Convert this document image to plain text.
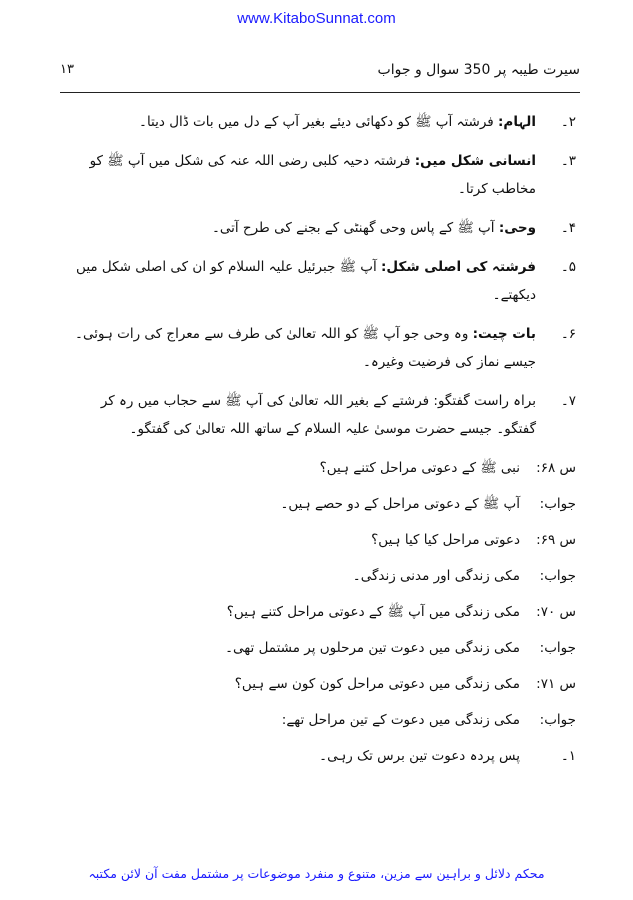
www.KitaboSunnat.com
سیرت طیبہ پر 350 سوال و جواب
۱۳
۲۔
الہام: فرشتہ آپ ﷺ کو دکھائی دیئے بغیر آپ کے دل میں بات ڈال دیتا۔
۳۔
انسانی شکل میں: فرشتہ دحیہ کلبی رضی اللہ عنہ کی شکل میں آپ ﷺ کو مخاطب کرتا۔
۴۔
وحی: آپ ﷺ کے پاس وحی گھنٹی کے بجنے کی طرح آتی۔
۵۔
فرشتہ کی اصلی شکل: آپ ﷺ جبرئیل علیہ السلام کو ان کی اصلی شکل میں دیکھتے۔
۶۔
بات چیت: وہ وحی جو آپ ﷺ کو اللہ تعالیٰ کی طرف سے معراج کی رات ہوئی۔ جیسے نماز کی فرضیت وغیرہ۔
۷۔
براہ راست گفتگو: فرشتے کے بغیر اللہ تعالیٰ کی آپ ﷺ سے حجاب میں رہ کر گفتگو۔ جیسے حضرت موسیٰ علیہ السلام کے ساتھ اللہ تعالیٰ کی گفتگو۔
س ۶۸:
نبی ﷺ کے دعوتی مراحل کتنے ہیں؟
جواب:
آپ ﷺ کے دعوتی مراحل کے دو حصے ہیں۔
س ۶۹:
دعوتی مراحل کیا کیا ہیں؟
جواب:
مکی زندگی اور مدنی زندگی۔
س ۷۰:
مکی زندگی میں آپ ﷺ کے دعوتی مراحل کتنے ہیں؟
جواب:
مکی زندگی میں دعوت تین مرحلوں پر مشتمل تھی۔
س ۷۱:
مکی زندگی میں دعوتی مراحل کون کون سے ہیں؟
جواب:
مکی زندگی میں دعوت کے تین مراحل تھے:
۱۔
پس پردہ دعوت تین برس تک رہی۔
محکم دلائل و براہین سے مزین، متنوع و منفرد موضوعات پر مشتمل مفت آن لائن مکتبہ
